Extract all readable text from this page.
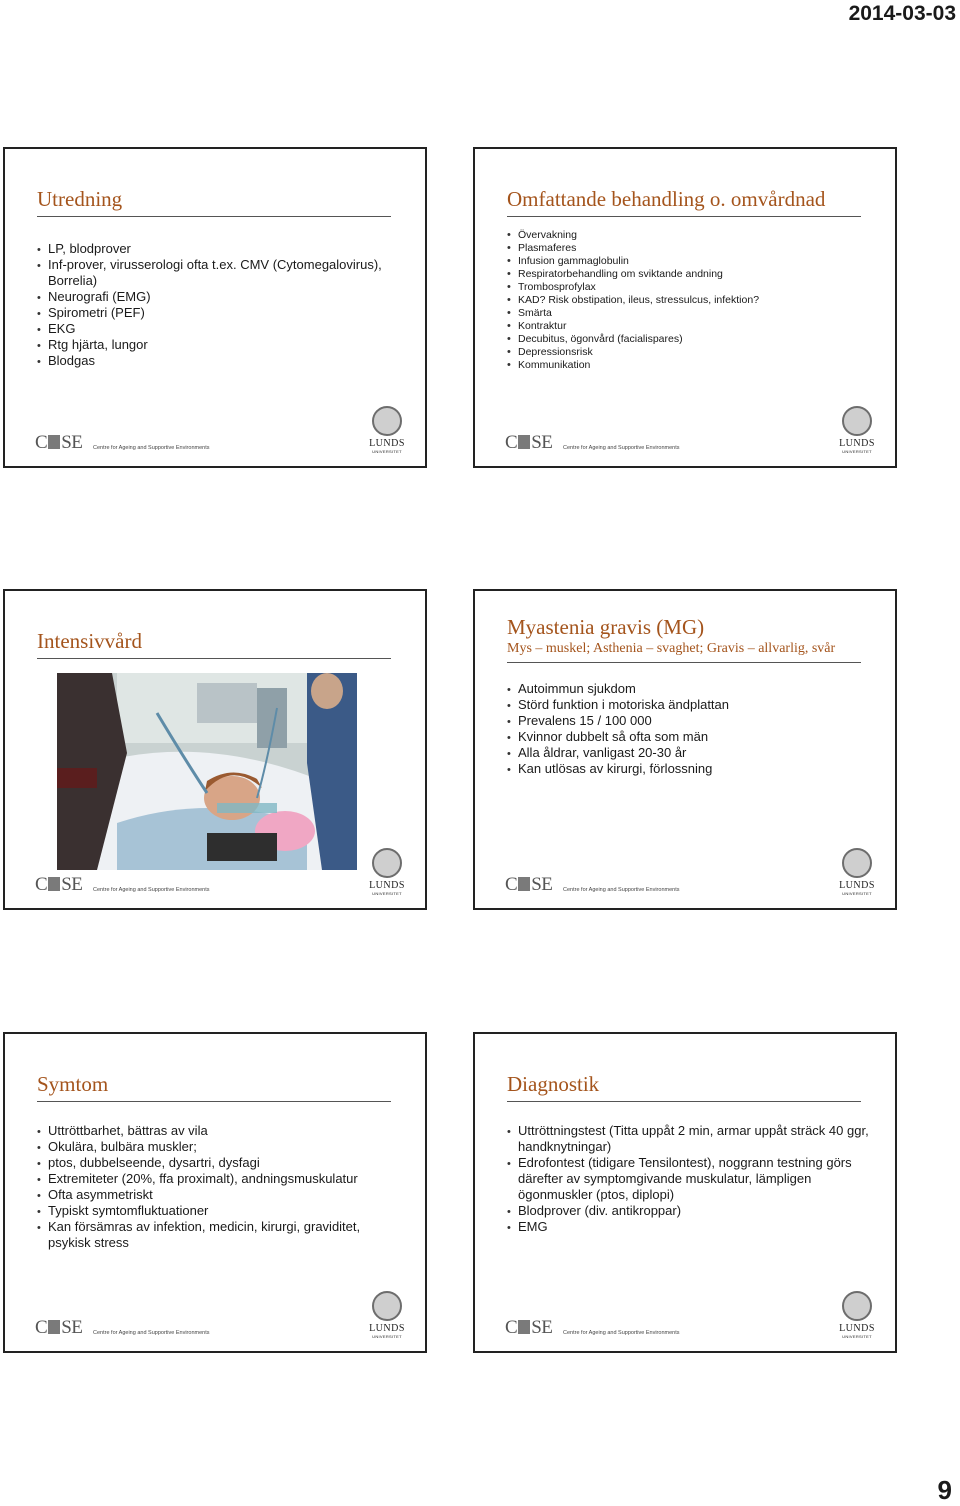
2014-03-03
Utredning
• LP, blodprover
• Inf-prover, virusserologi ofta t.ex. CMV (Cytomegalovirus), Borrelia)
• Neurografi (EMG)
• Spirometri (PEF)
• EKG
• Rtg hjärta, lungor
• Blodgas
C SE Centre for Ageing and Supportive Environments	LUNDS
UNIVERSITET
Omfattande behandling o. omvårdnad
• Övervakning
• Plasmaferes
• Infusion gammaglobulin
• Respiratorbehandling om sviktande andning
• Trombosprofylax
• KAD? Risk obstipation, ileus, stressulcus, infektion?
• Smärta
• Kontraktur
• Decubitus, ögonvård (facialispares)
• Depressionsrisk
• Kommunikation
C SE Centre for Ageing and Supportive Environments	LUNDS
UNIVERSITET
Intensivvård
C SE Centre for Ageing and Supportive Environments	LUNDS
UNIVERSITET
Myastenia gravis (MG)
Mys – muskel; Asthenia – svaghet; Gravis – allvarlig, svår
• Autoimmun sjukdom
• Störd funktion i motoriska ändplattan
• Prevalens 15 / 100 000
• Kvinnor dubbelt så ofta som män
• Alla åldrar, vanligast 20-30 år
• Kan utlösas av kirurgi, förlossning
C SE Centre for Ageing and Supportive Environments	LUNDS
UNIVERSITET
Symtom
• Uttröttbarhet, bättras av vila
• Okulära, bulbära muskler;
• ptos, dubbelseende, dysartri, dysfagi
• Extremiteter (20%, ffa proximalt), andningsmuskulatur
• Ofta asymmetriskt
• Typiskt symtomfluktuationer
• Kan försämras av infektion, medicin, kirurgi, graviditet, psykisk stress
C SE Centre for Ageing and Supportive Environments	LUNDS
UNIVERSITET
Diagnostik
• Uttröttningstest (Titta uppåt 2 min, armar uppåt sträck 40 ggr, handknytningar)
• Edrofontest (tidigare Tensilontest), noggrann testning görs därefter av symptomgivande muskulatur, lämpligen ögonmuskler (ptos, diplopi)
• Blodprover (div. antikroppar)
• EMG
C SE Centre for Ageing and Supportive Environments	LUNDS
UNIVERSITET
9
